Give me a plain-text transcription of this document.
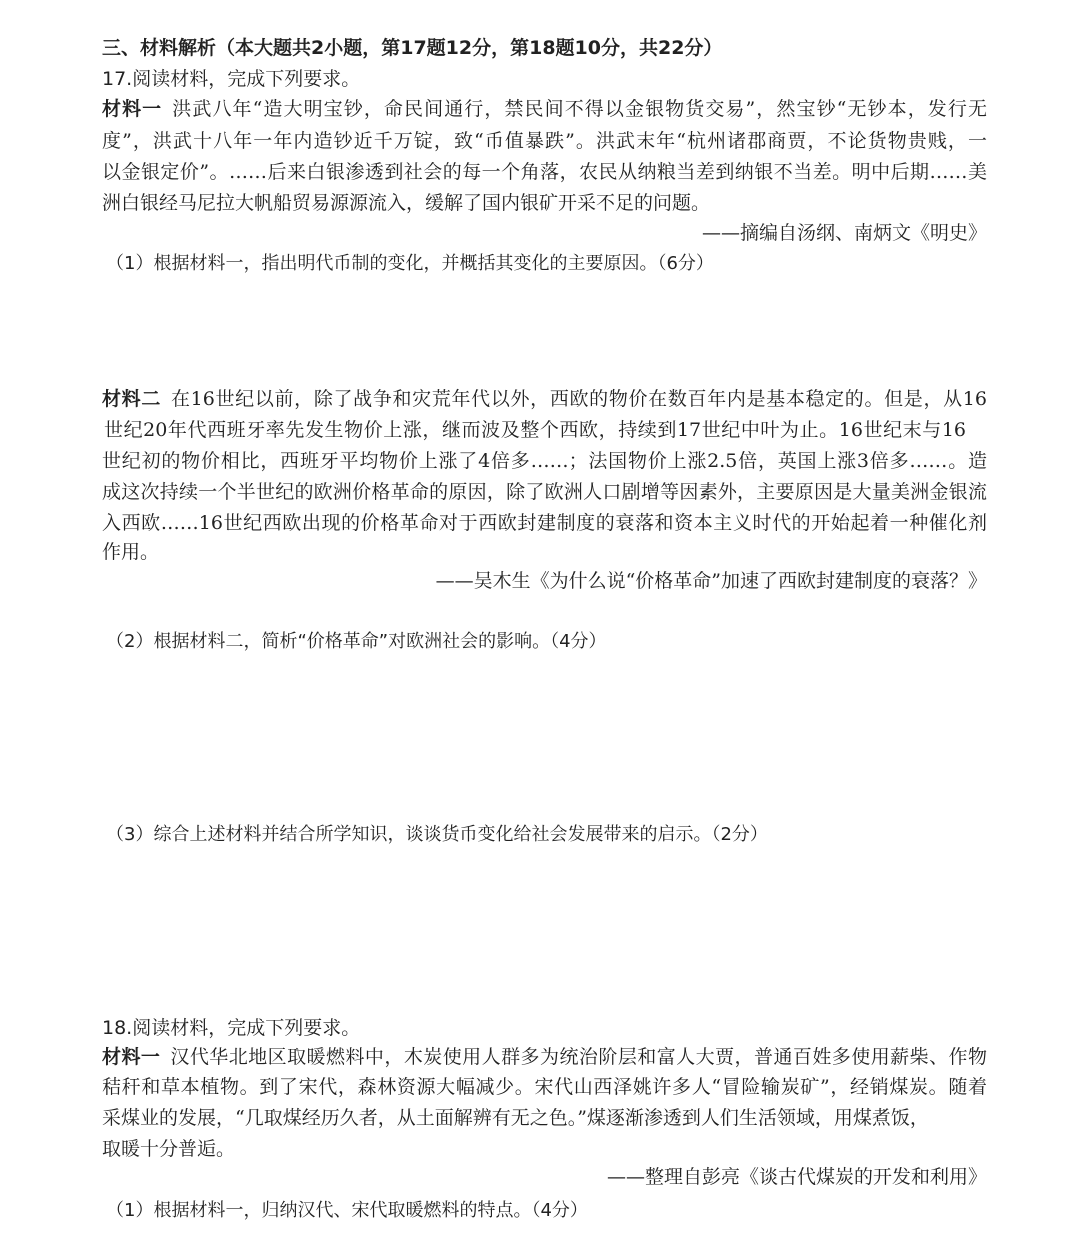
三、材料解析（本大题共2小题，第17题12分，第18题10分，共22分）
17.阅读材料，完成下列要求。
材料一 洪武八年“造大明宝钞，命民间通行，禁民间不得以金银物货交易”，然宝钞“无钞本，发行无
度”，洪武十八年一年内造钞近千万锭，致“币值暴跌”。洪武末年“杭州诸郡商贾，不论货物贵贱，一
以金银定价”。……后来白银渗透到社会的每一个角落，农民从纳粮当差到纳银不当差。明中后期……美
洲白银经马尼拉大帆船贸易源源流入，缓解了国内银矿开采不足的问题。
——摘编自汤纲、南炳文《明史》
（1）根据材料一，指出明代币制的变化，并概括其变化的主要原因。（6分）
材料二 在16世纪以前，除了战争和灾荒年代以外，西欧的物价在数百年内是基本稳定的。但是，从16
世纪20年代西班牙率先发生物价上涨，继而波及整个西欧，持续到17世纪中叶为止。16世纪末与16
世纪初的物价相比，西班牙平均物价上涨了4倍多……；法国物价上涨2.5倍，英国上涨3倍多……。造
成这次持续一个半世纪的欧洲价格革命的原因，除了欧洲人口剧增等因素外，主要原因是大量美洲金银流
入西欧……16世纪西欧出现的价格革命对于西欧封建制度的衰落和资本主义时代的开始起着一种催化剂
作用。
——吴木生《为什么说“价格革命”加速了西欧封建制度的衰落？》
（2）根据材料二，简析“价格革命”对欧洲社会的影响。（4分）
（3）综合上述材料并结合所学知识，谈谈货币变化给社会发展带来的启示。（2分）
18.阅读材料，完成下列要求。
材料一 汉代华北地区取暖燃料中，木炭使用人群多为统治阶层和富人大贾，普通百姓多使用薪柴、作物
秸秆和草本植物。到了宋代，森林资源大幅减少。宋代山西泽姚许多人“冒险输炭矿”，经销煤炭。随着
采煤业的发展，“几取煤经历久者，从土面解辨有无之色。”煤逐渐渗透到人们生活领域，用煤煮饭，
取暖十分普逅。
——整理自彭亮《谈古代煤炭的开发和利用》
（1）根据材料一，归纳汉代、宋代取暖燃料的特点。（4分）
